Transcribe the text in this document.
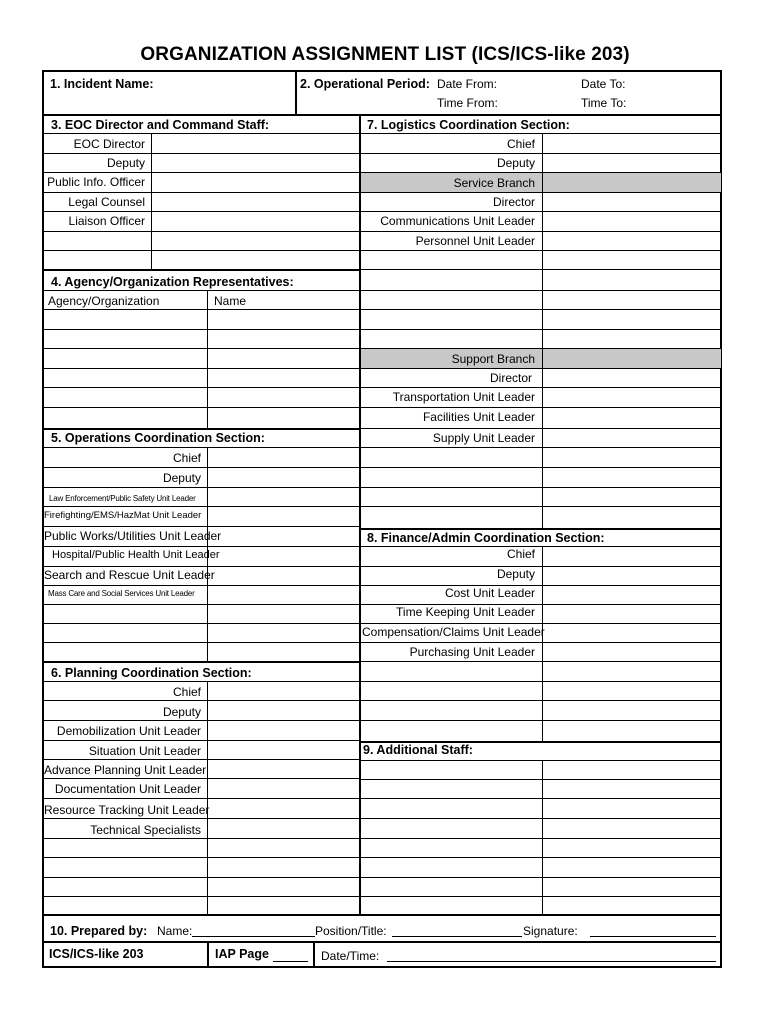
ORGANIZATION ASSIGNMENT LIST (ICS/ICS-like 203)
1. Incident Name:	2. Operational Period: Date From:	Date To:
Time From:	Time To:
3. EOC Director and Command Staff:
EOC Director
Deputy
Public Info. Officer
Legal Counsel
Liaison Officer
4. Agency/Organization Representatives:
Agency/Organization	Name
5. Operations Coordination Section:
Chief
Deputy
Law Enforcement/Public Safety Unit Leader
Firefighting/EMS/HazMat Unit Leader
Public Works/Utilities Unit Leader
Hospital/Public Health Unit Leader
Search and Rescue Unit Leader
Mass Care and Social Services Unit Leader
6. Planning Coordination Section:
Chief
Deputy
Demobilization Unit Leader
Situation Unit Leader
Advance Planning Unit Leader
Documentation Unit Leader
Resource Tracking Unit Leader
Technical Specialists
7. Logistics Coordination Section:
Chief
Deputy
Service Branch
Director
Communications Unit Leader
Personnel Unit Leader
Support Branch
Director
Transportation Unit Leader
Facilities Unit Leader
Supply Unit Leader
8. Finance/Admin Coordination Section:
Chief
Deputy
Cost Unit Leader
Time Keeping Unit Leader
Compensation/Claims Unit Leader
Purchasing Unit Leader
9. Additional Staff:
10. Prepared by: Name:	Position/Title:	Signature:
ICS/ICS-like 203	IAP Page	Date/Time:
